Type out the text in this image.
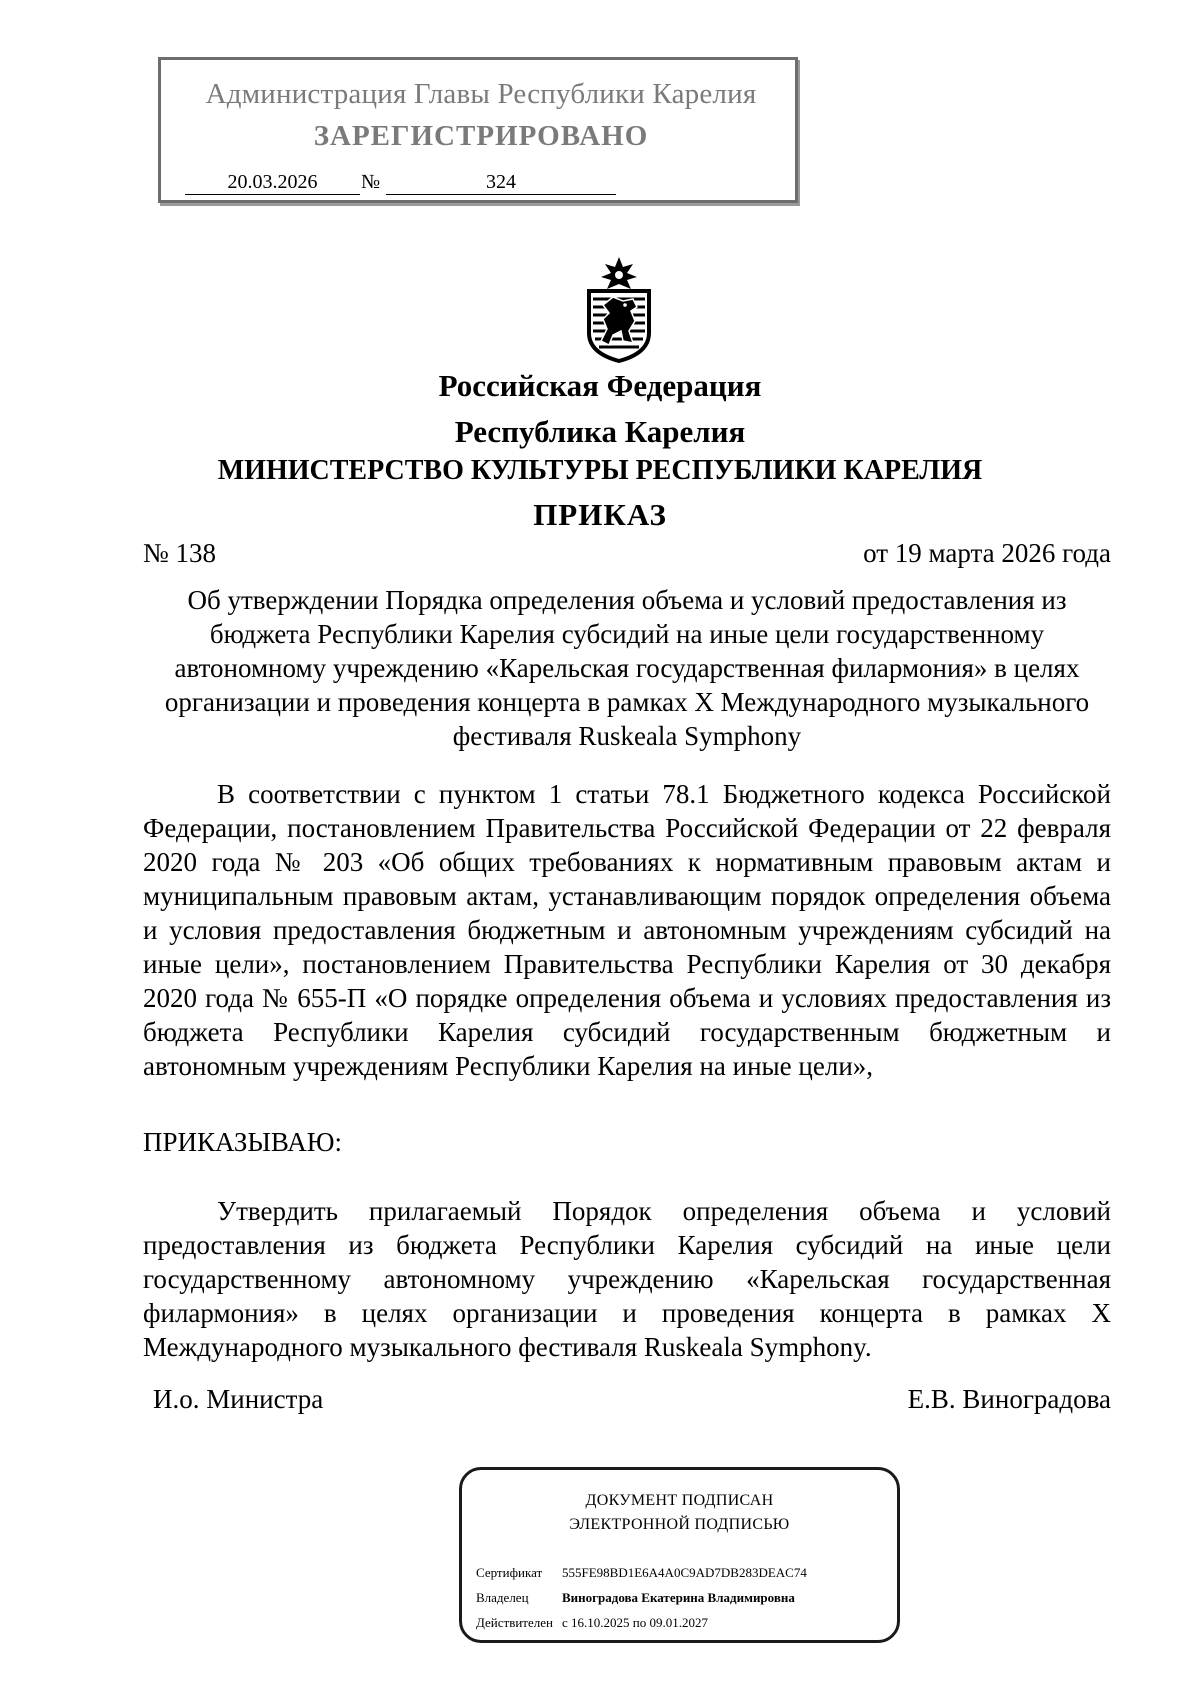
Администрация Главы Республики Карелия
ЗАРЕГИСТРИРОВАНО
20.03.2026	№	324
Российская Федерация
Республика Карелия
МИНИСТЕРСТВО КУЛЬТУРЫ РЕСПУБЛИКИ КАРЕЛИЯ
ПРИКАЗ
№ 138	от 19 марта 2026 года
Об утверждении Порядка определения объема и условий предоставления из бюджета Республики Карелия субсидий на иные цели государственному автономному учреждению «Карельская государственная филармония» в целях организации и проведения концерта в рамках X Международного музыкального фестиваля Ruskeala Symphony
В соответствии с пунктом 1 статьи 78.1 Бюджетного кодекса Российской Федерации, постановлением Правительства Российской Федерации от 22 февраля 2020 года № 203 «Об общих требованиях к нормативным правовым актам и муниципальным правовым актам, устанавливающим порядок определения объема и условия предоставления бюджетным и автономным учреждениям субсидий на иные цели», постановлением Правительства Республики Карелия от 30 декабря 2020 года № 655-П «О порядке определения объема и условиях предоставления из бюджета Республики Карелия субсидий государственным бюджетным и автономным учреждениям Республики Карелия на иные цели»,
ПРИКАЗЫВАЮ:
Утвердить прилагаемый Порядок определения объема и условий предоставления из бюджета Республики Карелия субсидий на иные цели государственному автономному учреждению «Карельская государственная филармония» в целях организации и проведения концерта в рамках X Международного музыкального фестиваля Ruskeala Symphony.
И.о. Министра	Е.В. Виноградова
ДОКУМЕНТ ПОДПИСАН
ЭЛЕКТРОННОЙ ПОДПИСЬЮ
Сертификат 555FE98BD1E6A4A0C9AD7DB283DEAC74
Владелец	Виноградова Екатерина Владимировна
Действителен с 16.10.2025 по 09.01.2027
